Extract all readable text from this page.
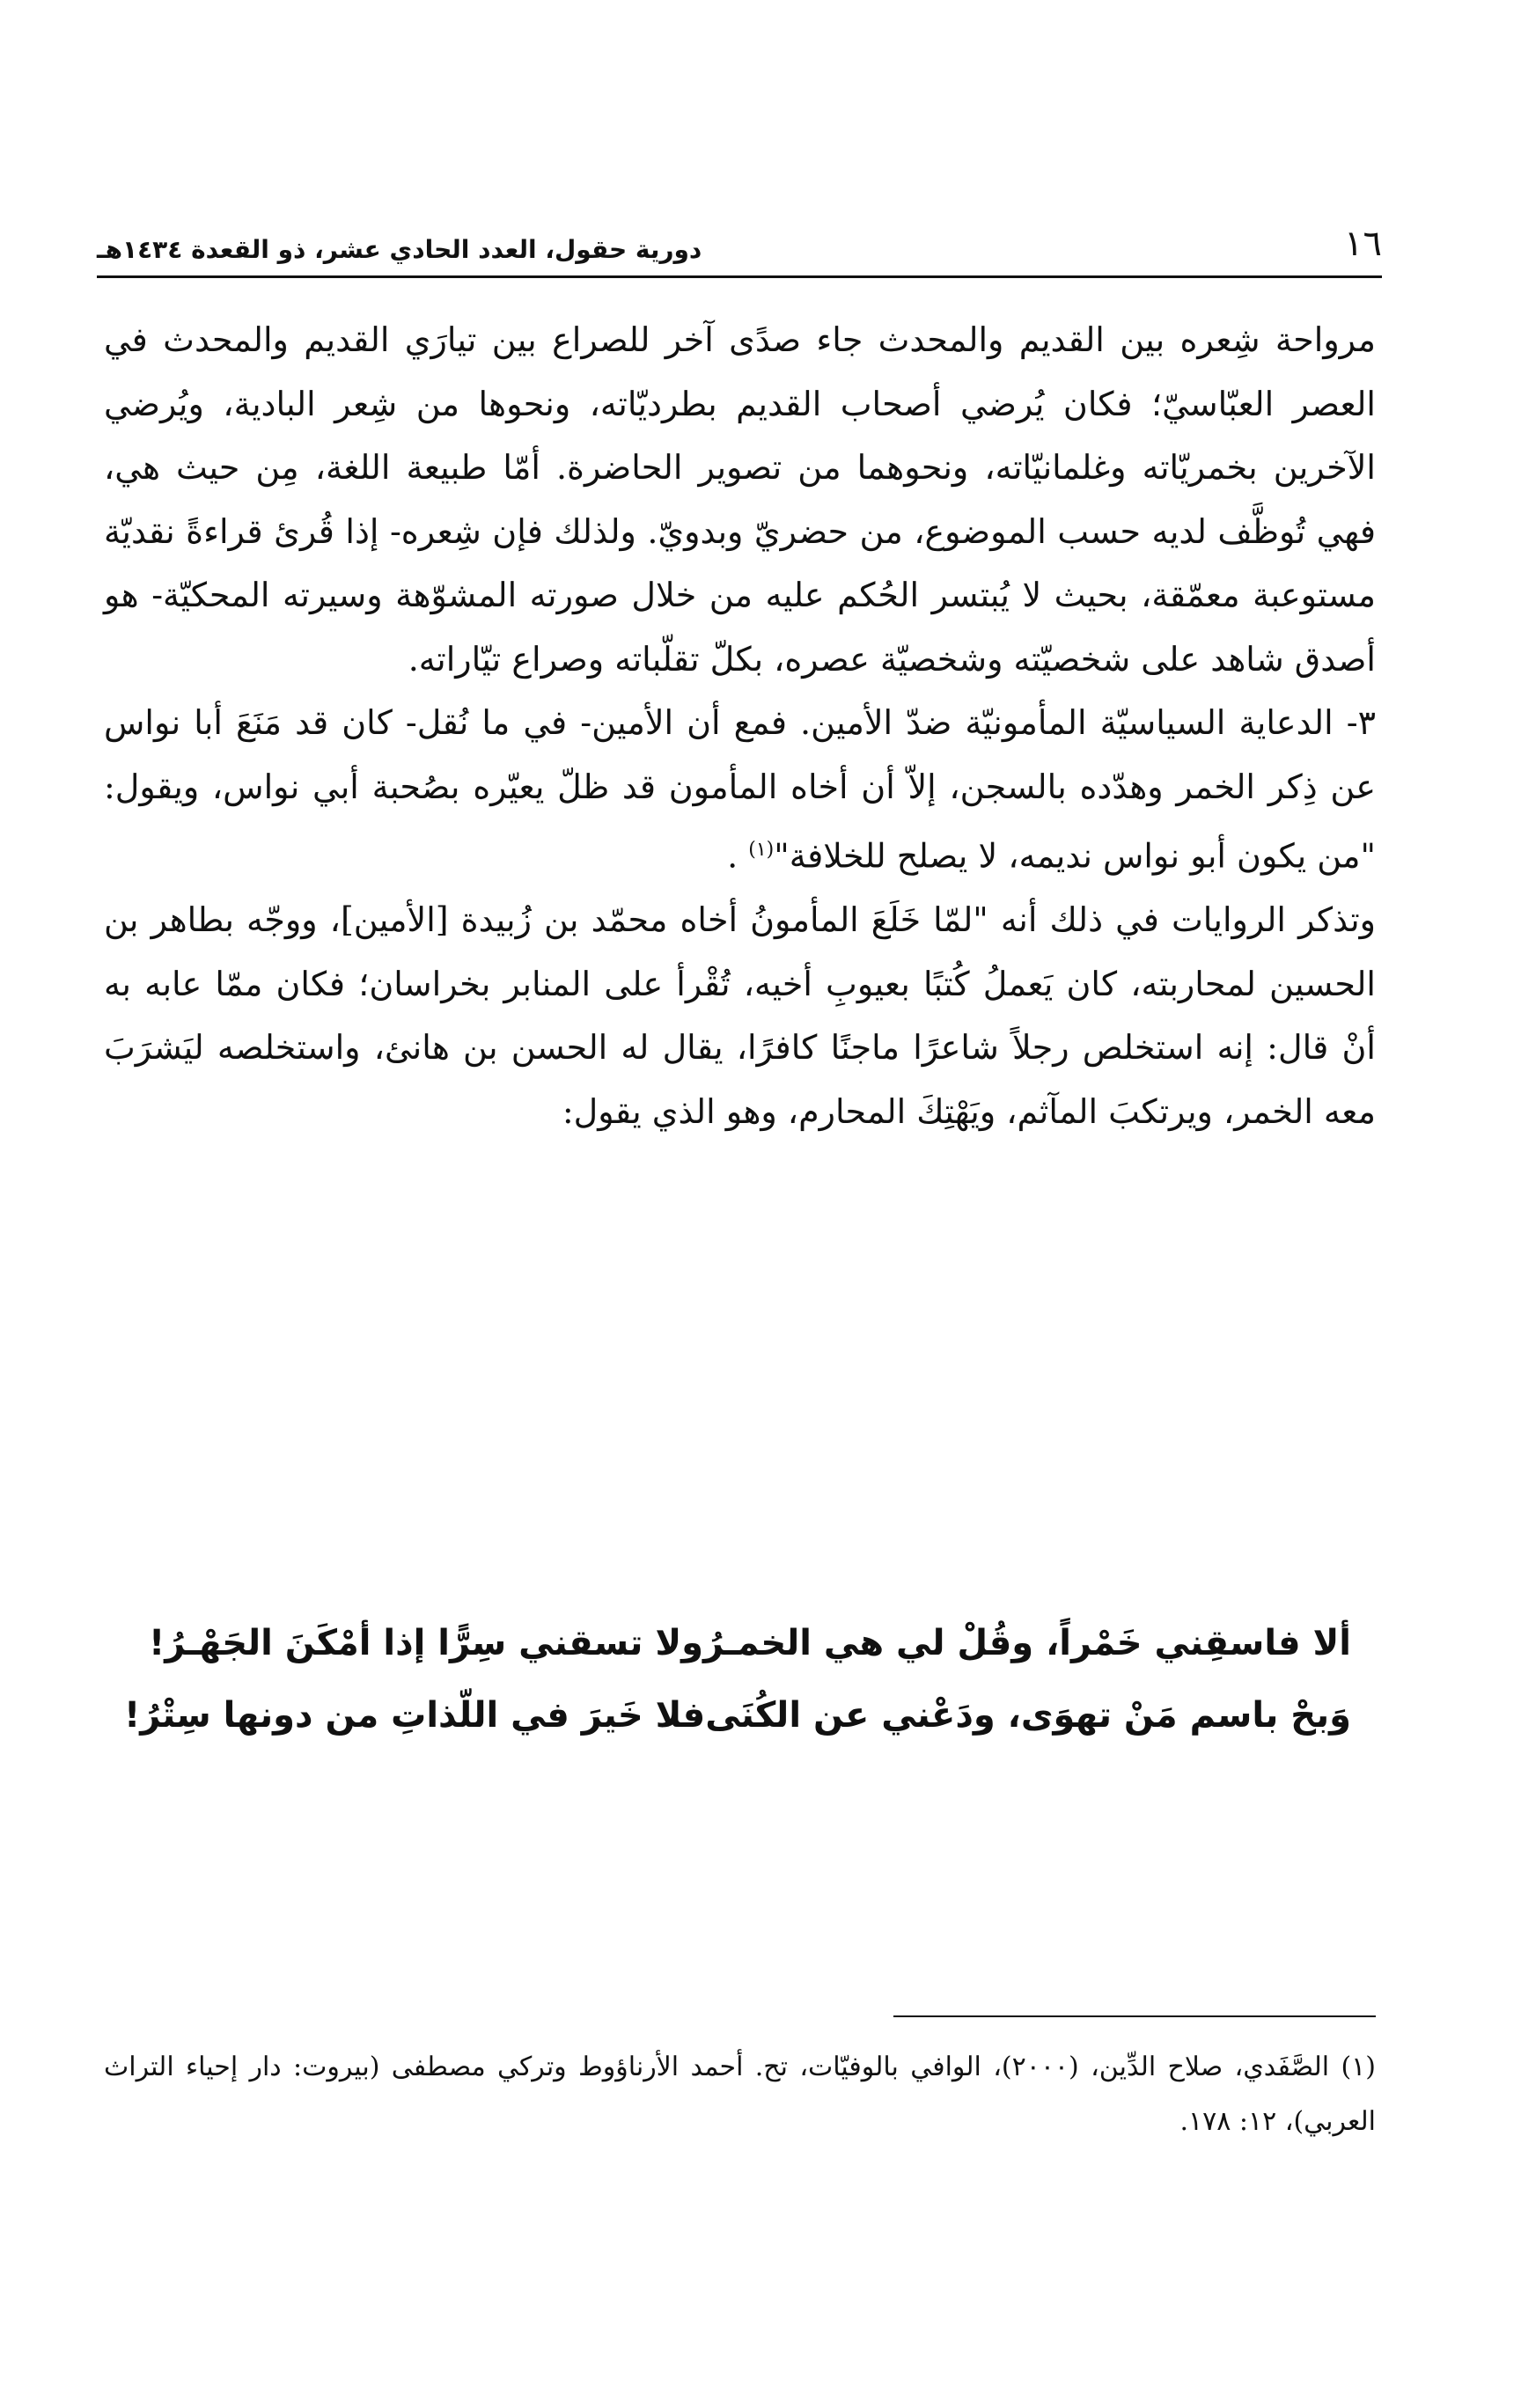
١٦
دورية حقول، العدد الحادي عشر، ذو القعدة ١٤٣٤هـ

مرواحة شِعره بين القديم والمحدث جاء صدًى آخر للصراع بين تيارَي القديم والمحدث في العصر العبّاسيّ؛ فكان يُرضي أصحاب القديم بطرديّاته، ونحوها من شِعر البادية، ويُرضي الآخرين بخمريّاته وغلمانيّاته، ونحوهما من تصوير الحاضرة. أمّا طبيعة اللغة، مِن حيث هي، فهي تُوظَّف لديه حسب الموضوع، من حضريّ وبدويّ. ولذلك فإن شِعره- إذا قُرئ قراءةً نقديّة مستوعبة معمّقة، بحيث لا يُبتسر الحُكم عليه من خلال صورته المشوّهة وسيرته المحكيّة- هو أصدق شاهد على شخصيّته وشخصيّة عصره، بكلّ تقلّباته وصراع تيّاراته.

٣- الدعاية السياسيّة المأمونيّة ضدّ الأمين. فمع أن الأمين- في ما نُقل- كان قد مَنَعَ أبا نواس عن ذِكر الخمر وهدّده بالسجن، إلاّ أن أخاه المأمون قد ظلّ يعيّره بصُحبة أبي نواس، ويقول: "من يكون أبو نواس نديمه، لا يصلح للخلافة"$^{(١)}$ .

وتذكر الروايات في ذلك أنه "لمّا خَلَعَ المأمونُ أخاه محمّد بن زُبيدة [الأمين]، ووجّه بطاهر بن الحسين لمحاربته، كان يَعملُ كُتبًا بعيوبِ أخيه، تُقْرأ على المنابر بخراسان؛ فكان ممّا عابه به أنْ قال: إنه استخلص رجلاً شاعرًا ماجنًا كافرًا، يقال له الحسن بن هانئ، واستخلصه ليَشرَبَ معه الخمر، ويرتكبَ المآثم، ويَهْتِكَ المحارم، وهو الذي يقول:

ألا فاسقِني خَمْراً، وقُلْ لي هي الخمـرُ
ولا تسقني سِرًّا إذا أمْكَنَ الجَهْـرُ!
وَبحْ باسم مَنْ تهوَى، ودَعْني عن الكُنَى
فلا خَيرَ في اللّذاتِ من دونها سِتْرُ!

(١) الصَّفَدي، صلاح الدِّين، (٢٠٠٠)، الوافي بالوفيّات، تح. أحمد الأرناؤوط وتركي مصطفى (بيروت: دار إحياء التراث العربي)، ١٢: ١٧٨.
